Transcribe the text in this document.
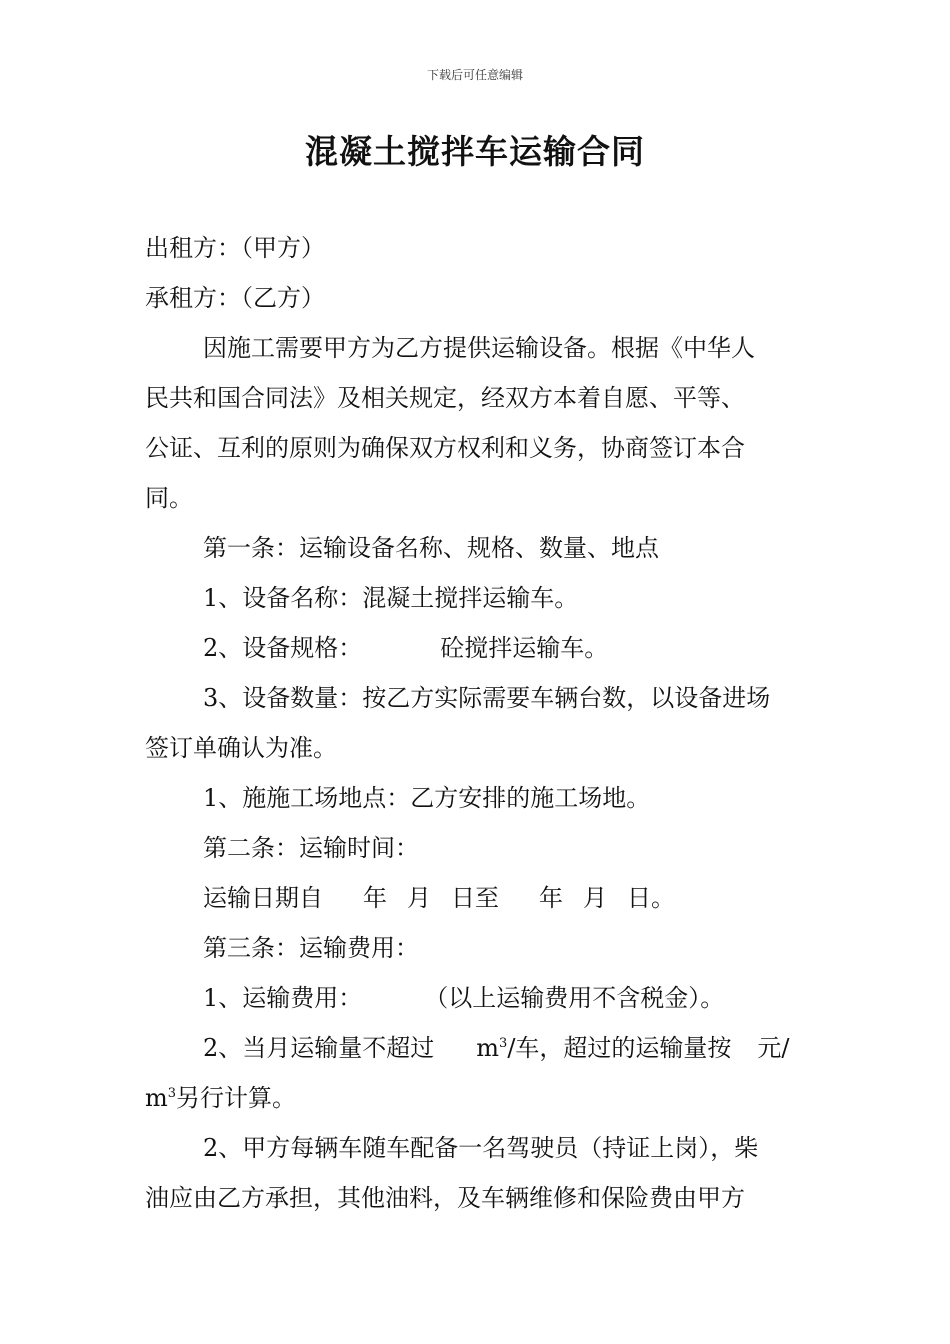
下载后可任意编辑
混凝土搅拌车运输合同

出租方：（甲方）

承租方：（乙方）

因施工需要甲方为乙方提供运输设备。根据《中华人

民共和国合同法》及相关规定，经双方本着自愿、平等、

公证、互利的原则为确保双方权利和义务，协商签订本合

同。

第一条：运输设备名称、规格、数量、地点

1、设备名称：混凝土搅拌运输车。

2、设备规格：	砼搅拌运输车。

3、设备数量：按乙方实际需要车辆台数，以设备进场

签订单确认为准。

1、施施工场地点：乙方安排的施工场地。

第二条：运输时间：

运输日期自 年 月 日至 年 月 日。

第三条：运输费用：

1、运输费用：	（以上运输费用不含税金）。

2、当月运输量不超过 $m^3/$车，超过的运输量按 元/

$m^3$另行计算。

2、甲方每辆车随车配备一名驾驶员（持证上岗），柴

油应由乙方承担，其他油料，及车辆维修和保险费由甲方
